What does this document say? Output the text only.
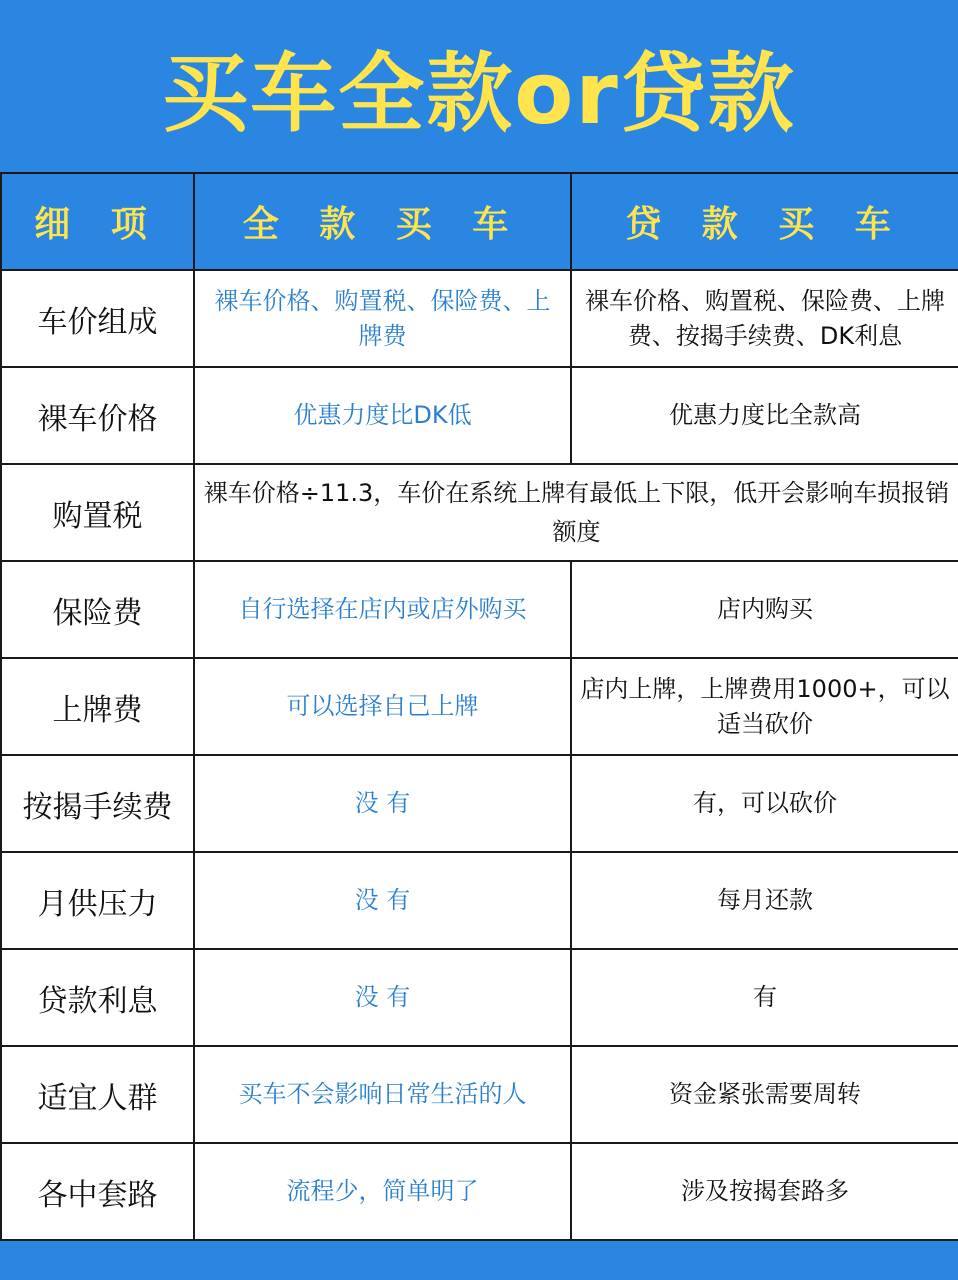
买车全款or贷款
细 项	全 款 买 车	贷 款 买 车
车价组成	裸车价格、购置税、保险费、上牌费	裸车价格、购置税、保险费、上牌费、按揭手续费、DK利息
裸车价格	优惠力度比DK低	优惠力度比全款高
购置税	裸车价格÷11.3，车价在系统上牌有最低上下限，低开会影响车损报销额度	
保险费	自行选择在店内或店外购买	店内购买
上牌费	可以选择自己上牌	店内上牌，上牌费用1000+，可以适当砍价
按揭手续费	没 有	有，可以砍价
月供压力	没 有	每月还款
贷款利息	没 有	有
适宜人群	买车不会影响日常生活的人	资金紧张需要周转
各中套路	流程少，简单明了	涉及按揭套路多
